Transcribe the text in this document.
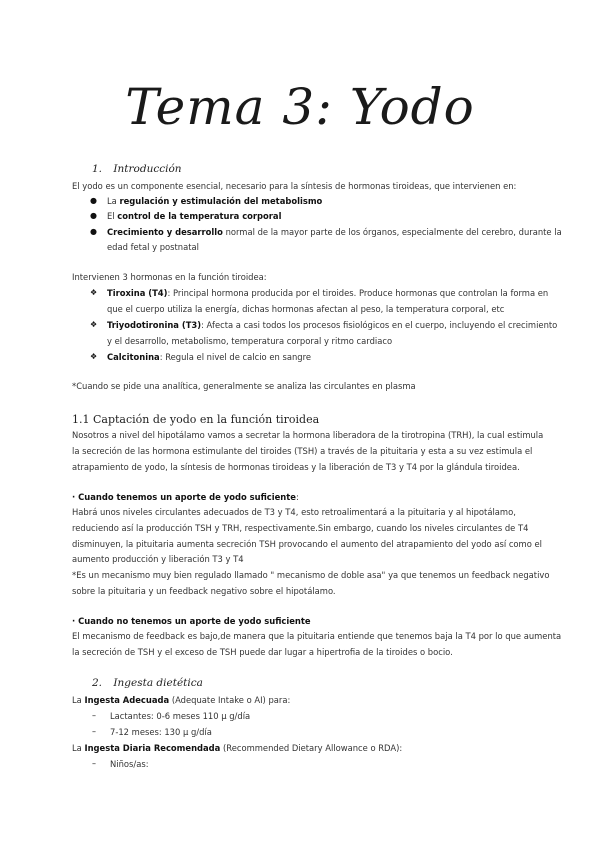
Tema 3: Yodo
1. Introducción
El yodo es un componente esencial, necesario para la síntesis de hormonas tiroideas, que intervienen en:
● La regulación y estimulación del metabolismo
● El control de la temperatura corporal
● Crecimiento y desarrollo normal de la mayor parte de los órganos, especialmente del cerebro, durante la
edad fetal y postnatal
Intervienen 3 hormonas en la función tiroidea:
❖ Tiroxina (T4): Principal hormona producida por el tiroides. Produce hormonas que controlan la forma en
que el cuerpo utiliza la energía, dichas hormonas afectan al peso, la temperatura corporal, etc
❖ Triyodotironina (T3): Afecta a casi todos los procesos fisiológicos en el cuerpo, incluyendo el crecimiento
y el desarrollo, metabolismo, temperatura corporal y ritmo cardiaco
❖ Calcitonina: Regula el nivel de calcio en sangre
*Cuando se pide una analítica, generalmente se analiza las circulantes en plasma
1.1 Captación de yodo en la función tiroidea
Nosotros a nivel del hipotálamo vamos a secretar la hormona liberadora de la tirotropina (TRH), la cual estimula
la secreción de las hormona estimulante del tiroides (TSH) a través de la pituitaria y esta a su vez estimula el
atrapamiento de yodo, la síntesis de hormonas tiroideas y la liberación de T3 y T4 por la glándula tiroidea.
· Cuando tenemos un aporte de yodo suficiente:
Habrá unos niveles circulantes adecuados de T3 y T4, esto retroalimentará a la pituitaria y al hipotálamo,
reduciendo así la producción TSH y TRH, respectivamente.Sin embargo, cuando los niveles circulantes de T4
disminuyen, la pituitaria aumenta secreción TSH provocando el aumento del atrapamiento del yodo así como el
aumento producción y liberación T3 y T4
*Es un mecanismo muy bien regulado llamado " mecanismo de doble asa" ya que tenemos un feedback negativo
sobre la pituitaria y un feedback negativo sobre el hipotálamo.
· Cuando no tenemos un aporte de yodo suficiente
El mecanismo de feedback es bajo,de manera que la pituitaria entiende que tenemos baja la T4 por lo que aumenta
la secreción de TSH y el exceso de TSH puede dar lugar a hipertrofia de la tiroides o bocio.
2. Ingesta dietética
La Ingesta Adecuada (Adequate Intake o AI) para:
– Lactantes: 0-6 meses 110 μ g/día
– 7-12 meses: 130 μ g/día
La Ingesta Diaria Recomendada (Recommended Dietary Allowance o RDA):
– Niños/as:
